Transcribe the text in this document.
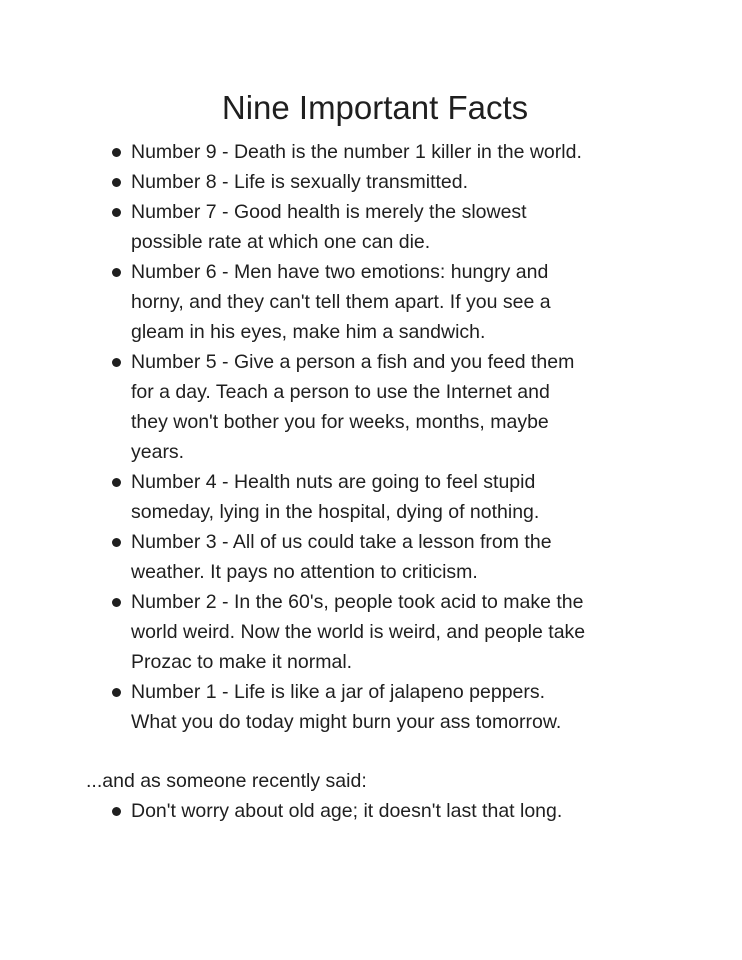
Nine Important Facts
Number 9 - Death is the number 1 killer in the world.
Number 8 - Life is sexually transmitted.
Number 7 - Good health is merely the slowest
possible rate at which one can die.
Number 6 - Men have two emotions: hungry and
horny, and they can't tell them apart. If you see a
gleam in his eyes, make him a sandwich.
Number 5 - Give a person a fish and you feed them
for a day. Teach a person to use the Internet and
they won't bother you for weeks, months, maybe
years.
Number 4 - Health nuts are going to feel stupid
someday, lying in the hospital, dying of nothing.
Number 3 - All of us could take a lesson from the
weather. It pays no attention to criticism.
Number 2 - In the 60's, people took acid to make the
world weird. Now the world is weird, and people take
Prozac to make it normal.
Number 1 - Life is like a jar of jalapeno peppers.
What you do today might burn your ass tomorrow.

...and as someone recently said:

Don't worry about old age; it doesn't last that long.
